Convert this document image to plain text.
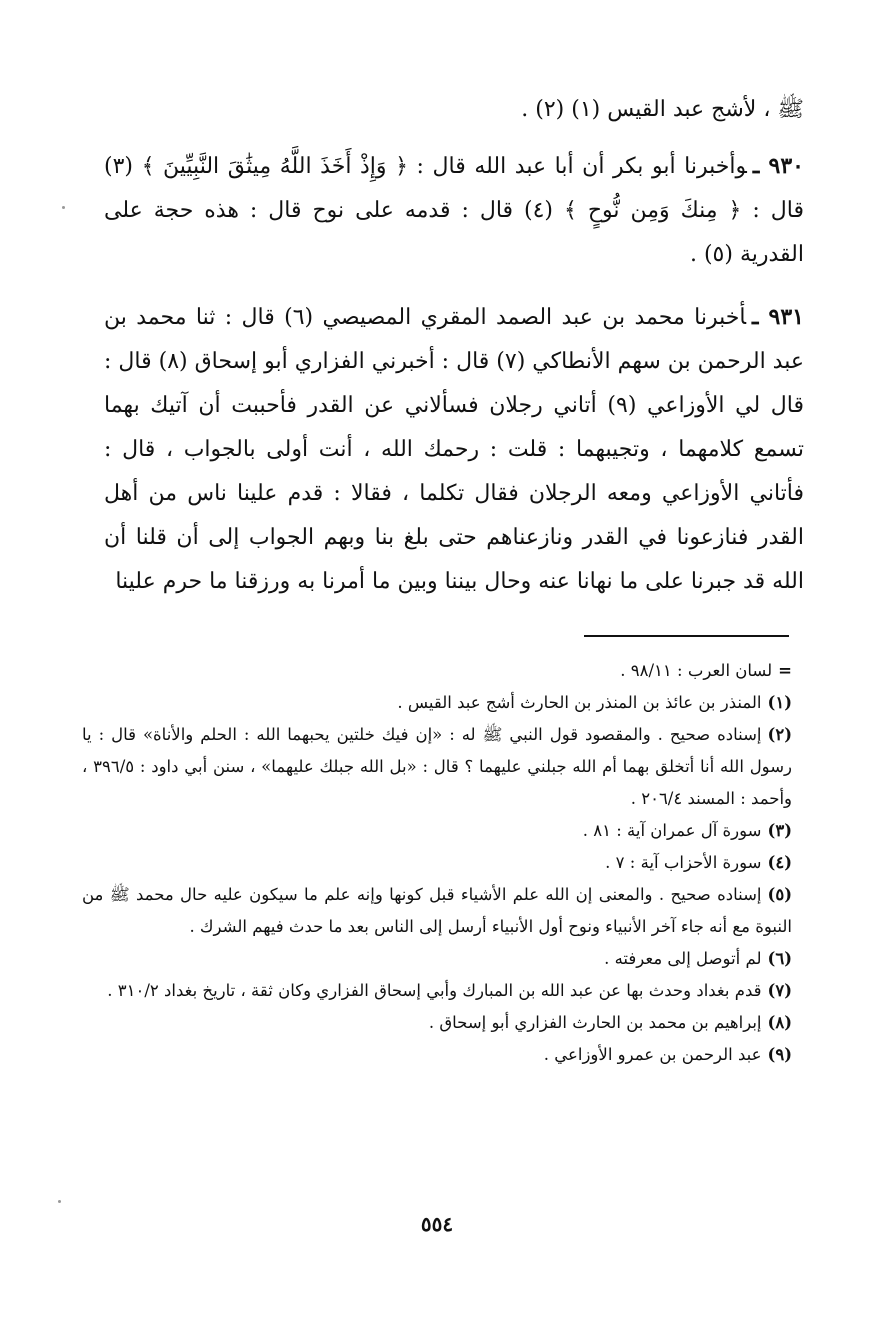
ﷺ ، لأشج عبد القيس (١) (٢) .

٩٣٠ ـوأخبرنا أبو بكر أن أبا عبد الله قال : ﴿ وَإِذْ أَخَذَ اللَّهُ مِيثَٰقَ النَّبِيِّينَ ﴾ (٣) قال : ﴿ مِنكَ وَمِن نُّوحٍ ﴾ (٤) قال : قدمه على نوح قال : هذه حجة على القدرية (٥) .

٩٣١ ـأخبرنا محمد بن عبد الصمد المقري المصيصي (٦) قال : ثنا محمد بن عبد الرحمن بن سهم الأنطاكي (٧) قال : أخبرني الفزاري أبو إسحاق (٨) قال : قال لي الأوزاعي (٩) أتاني رجلان فسألاني عن القدر فأحببت أن آتيك بهما تسمع كلامهما ، وتجيبهما : قلت : رحمك الله ، أنت أولى بالجواب ، قال : فأتاني الأوزاعي ومعه الرجلان فقال تكلما ، فقالا : قدم علينا ناس من أهل القدر فنازعونا في القدر ونازعناهم حتى بلغ بنا وبهم الجواب إلى أن قلنا أن الله قد جبرنا على ما نهانا عنه وحال بيننا وبين ما أمرنا به ورزقنا ما حرم علينا

=لسان العرب : ٩٨/١١ .

(١)المنذر بن عائذ بن المنذر بن الحارث أشج عبد القيس .

(٢)إسناده صحيح . والمقصود قول النبي ﷺ له : «إن فيك خلتين يحبهما الله : الحلم والأناة» قال : يا رسول الله أنا أتخلق بهما أم الله جبلني عليهما ؟ قال : «بل الله جبلك عليهما» ، سنن أبي داود : ٣٩٦/٥ ، وأحمد : المسند ٢٠٦/٤ .

(٣)سورة آل عمران آية : ٨١ .

(٤)سورة الأحزاب آية : ٧ .

(٥)إسناده صحيح . والمعنى إن الله علم الأشياء قبل كونها وإنه علم ما سيكون عليه حال محمد ﷺ من النبوة مع أنه جاء آخر الأنبياء ونوح أول الأنبياء أرسل إلى الناس بعد ما حدث فيهم الشرك .

(٦)لم أتوصل إلى معرفته .

(٧)قدم بغداد وحدث بها عن عبد الله بن المبارك وأبي إسحاق الفزاري وكان ثقة ، تاريخ بغداد ٣١٠/٢ .

(٨)إبراهيم بن محمد بن الحارث الفزاري أبو إسحاق .

(٩)عبد الرحمن بن عمرو الأوزاعي .

٥٥٤
